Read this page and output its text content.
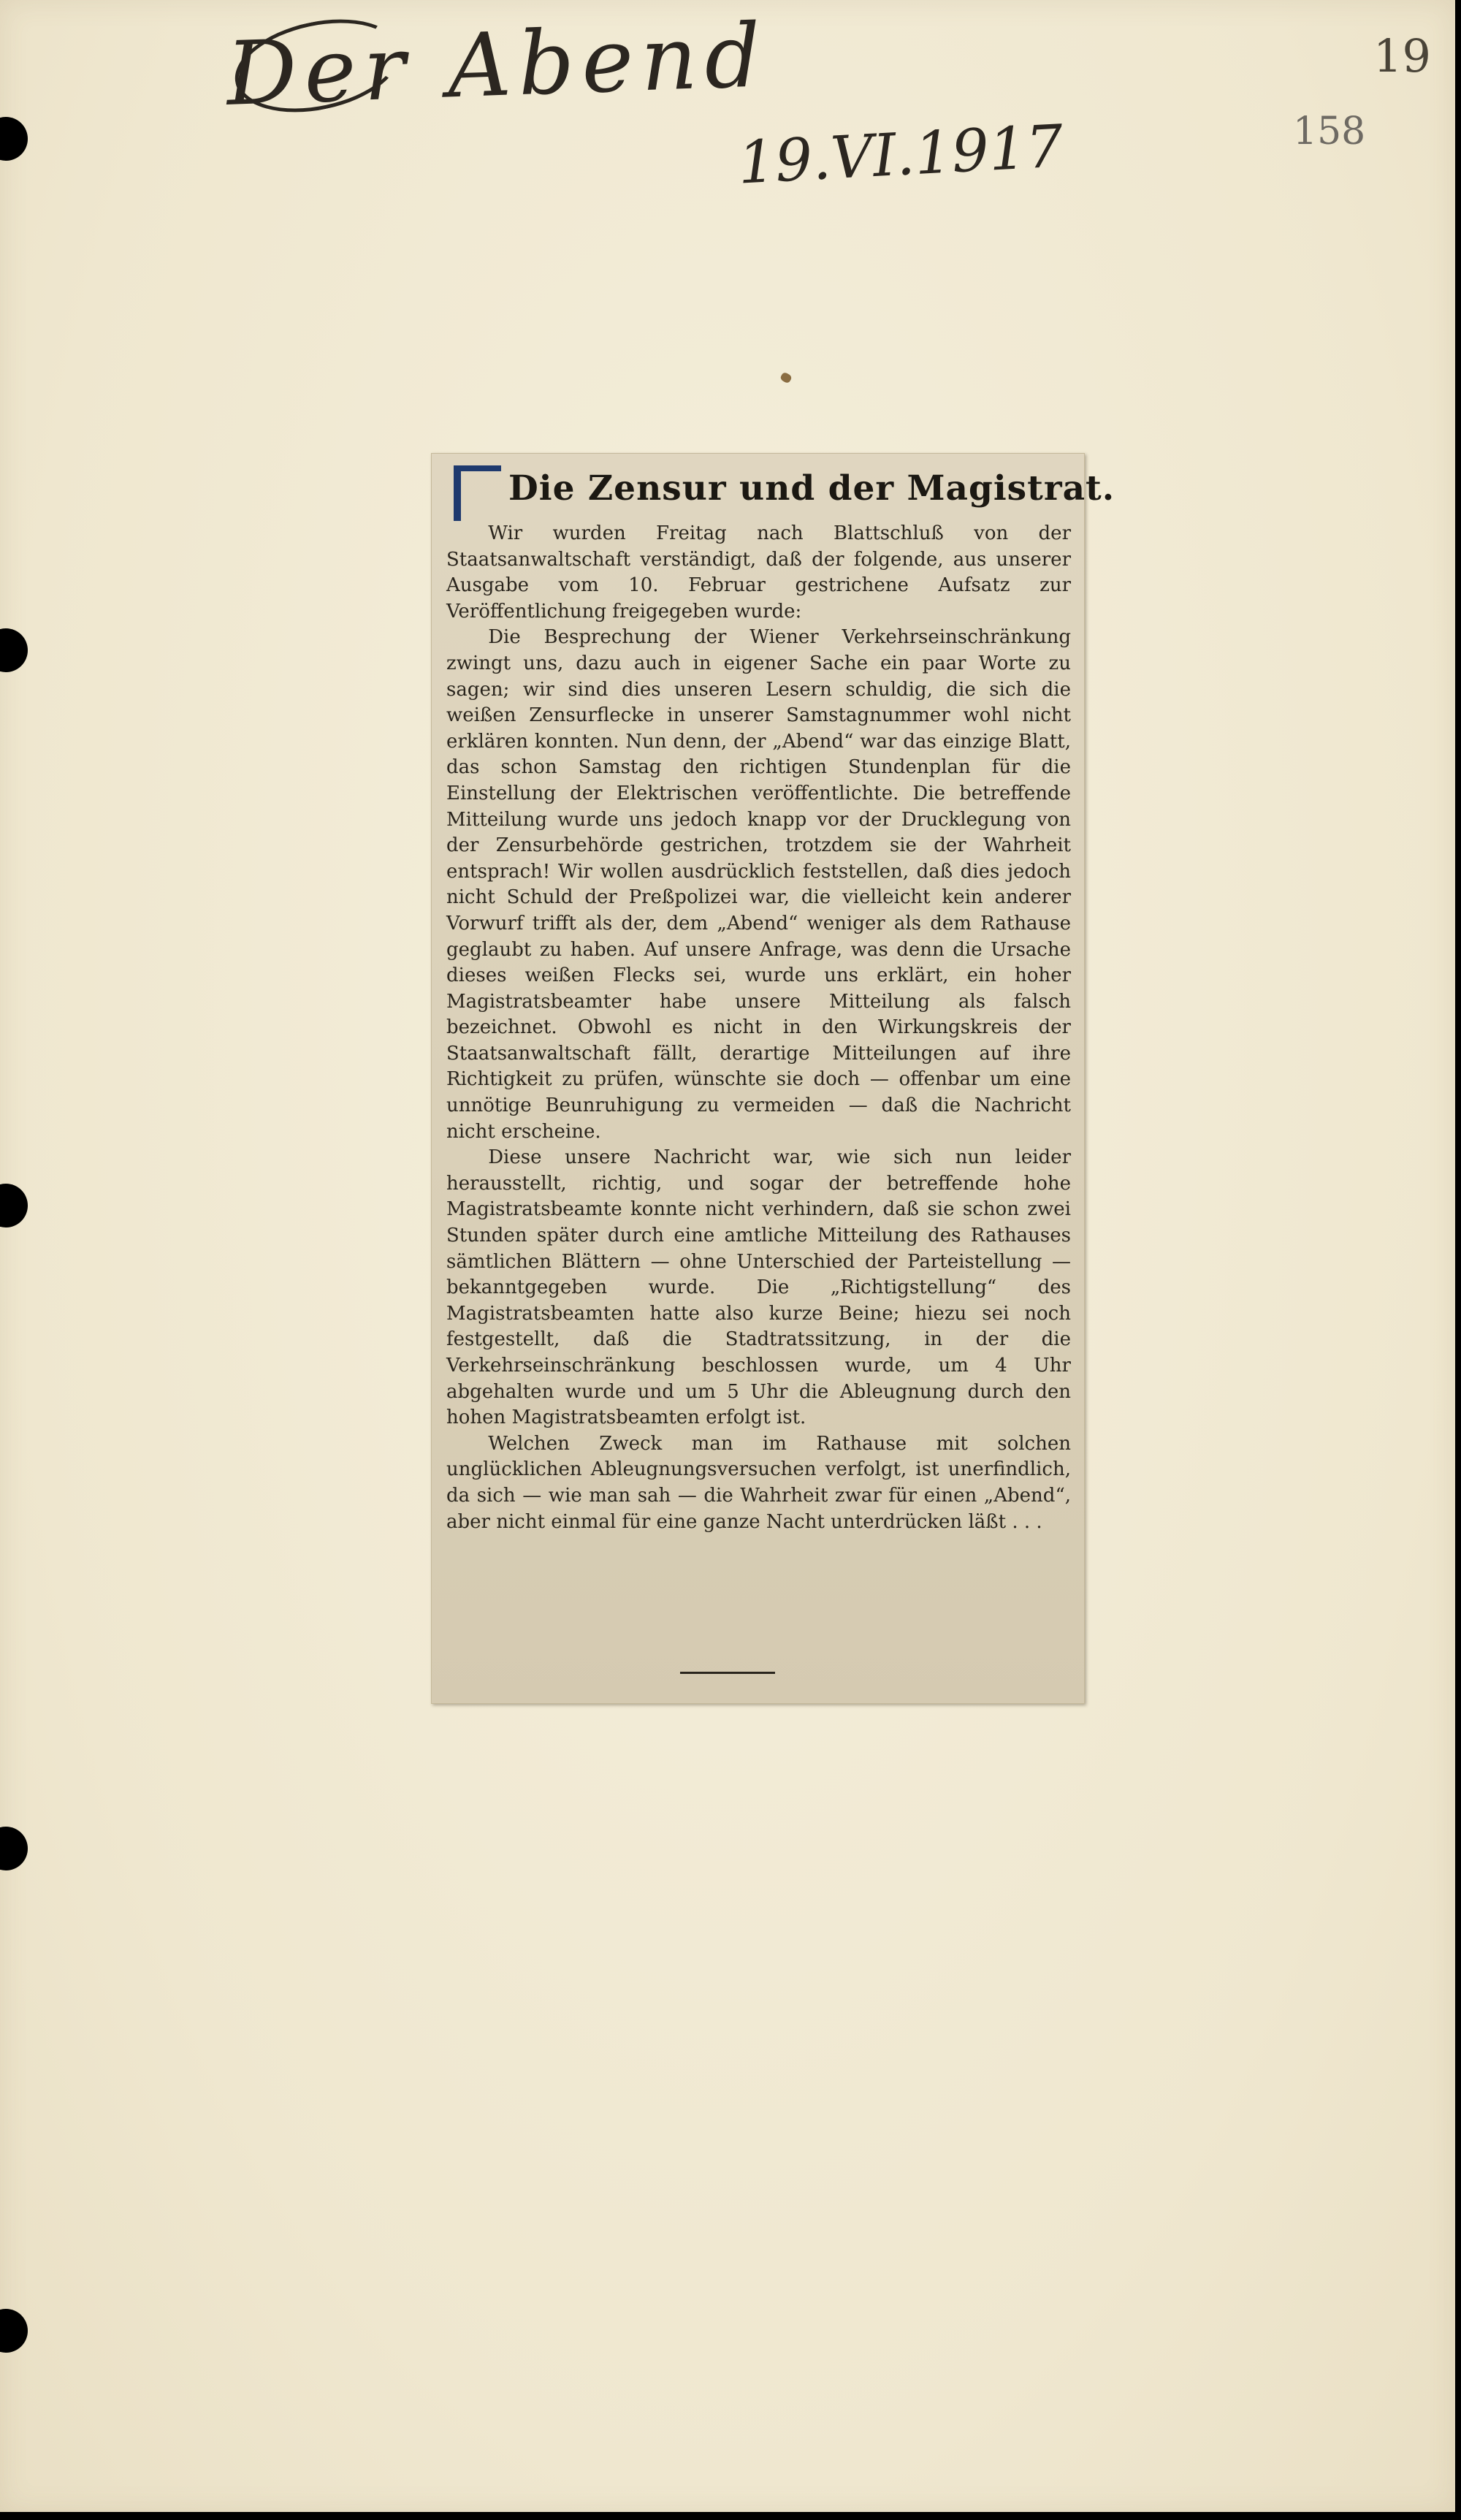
Der Abend
19.VI.1917
19
158
Die Zensur und der Magistrat.

Wir wurden Freitag nach Blattschluß von der Staatsanwaltschaft verständigt, daß der folgende, aus unserer Ausgabe vom 10. Februar gestrichene Aufsatz zur Veröffentlichung freigegeben wurde:

Die Besprechung der Wiener Verkehrseinschränkung zwingt uns, dazu auch in eigener Sache ein paar Worte zu sagen; wir sind dies unseren Lesern schuldig, die sich die weißen Zensurflecke in unserer Samstagnummer wohl nicht erklären konnten. Nun denn, der „Abend“ war das einzige Blatt, das schon Samstag den richtigen Stundenplan für die Einstellung der Elektrischen veröffentlichte. Die betreffende Mitteilung wurde uns jedoch knapp vor der Drucklegung von der Zensurbehörde gestrichen, trotzdem sie der Wahrheit entsprach! Wir wollen ausdrücklich feststellen, daß dies jedoch nicht Schuld der Preßpolizei war, die vielleicht kein anderer Vorwurf trifft als der, dem „Abend“ weniger als dem Rathause geglaubt zu haben. Auf unsere Anfrage, was denn die Ursache dieses weißen Flecks sei, wurde uns erklärt, ein hoher Magistratsbeamter habe unsere Mitteilung als falsch bezeichnet. Obwohl es nicht in den Wirkungskreis der Staatsanwaltschaft fällt, derartige Mitteilungen auf ihre Richtigkeit zu prüfen, wünschte sie doch — offenbar um eine unnötige Beunruhigung zu vermeiden — daß die Nachricht nicht erscheine.

Diese unsere Nachricht war, wie sich nun leider herausstellt, richtig, und sogar der betreffende hohe Magistratsbeamte konnte nicht verhindern, daß sie schon zwei Stunden später durch eine amtliche Mitteilung des Rathauses sämtlichen Blättern — ohne Unterschied der Parteistellung — bekanntgegeben wurde. Die „Richtigstellung“ des Magistratsbeamten hatte also kurze Beine; hiezu sei noch festgestellt, daß die Stadtratssitzung, in der die Verkehrseinschränkung beschlossen wurde, um 4 Uhr abgehalten wurde und um 5 Uhr die Ableugnung durch den hohen Magistratsbeamten erfolgt ist.

Welchen Zweck man im Rathause mit solchen unglücklichen Ableugnungsversuchen verfolgt, ist unerfindlich, da sich — wie man sah — die Wahrheit zwar für einen „Abend“, aber nicht einmal für eine ganze Nacht unterdrücken läßt . . .
